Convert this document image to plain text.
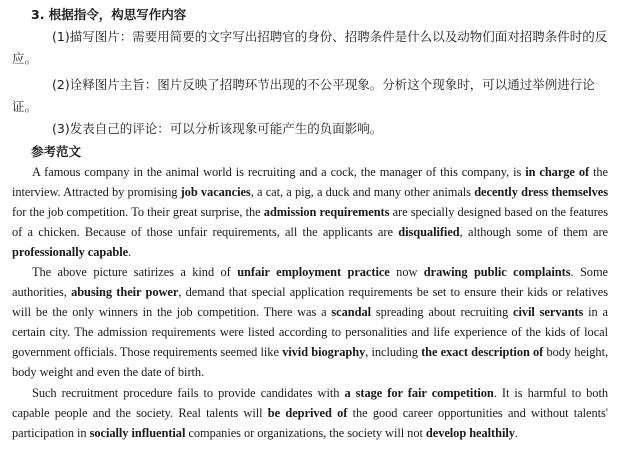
3. 根据指令，构思写作内容

(1)描写图片：需要用简要的文字写出招聘官的身份、招聘条件是什么以及动物们面对招聘条件时的反应。

(2)诠释图片主旨：图片反映了招聘环节出现的不公平现象。分析这个现象时，可以通过举例进行论证。

(3)发表自己的评论：可以分析该现象可能产生的负面影响。

参考范文

A famous company in the animal world is recruiting and a cock, the manager of this company, is in charge of the interview. Attracted by promising job vacancies, a cat, a pig, a duck and many other animals decently dress themselves for the job competition. To their great surprise, the admission requirements are specially designed based on the features of a chicken. Because of those unfair requirements, all the applicants are disqualified, although some of them are professionally capable.

The above picture satirizes a kind of unfair employment practice now drawing public complaints. Some authorities, abusing their power, demand that special application requirements be set to ensure their kids or relatives will be the only winners in the job competition. There was a scandal spreading about recruiting civil servants in a certain city. The admission requirements were listed according to personalities and life experience of the kids of local government officials. Those requirements seemed like vivid biography, including the exact description of body height, body weight and even the date of birth.

Such recruitment procedure fails to provide candidates with a stage for fair competition. It is harmful to both capable people and the society. Real talents will be deprived of the good career opportunities and without talents' participation in socially influential companies or organizations, the society will not develop healthily.
